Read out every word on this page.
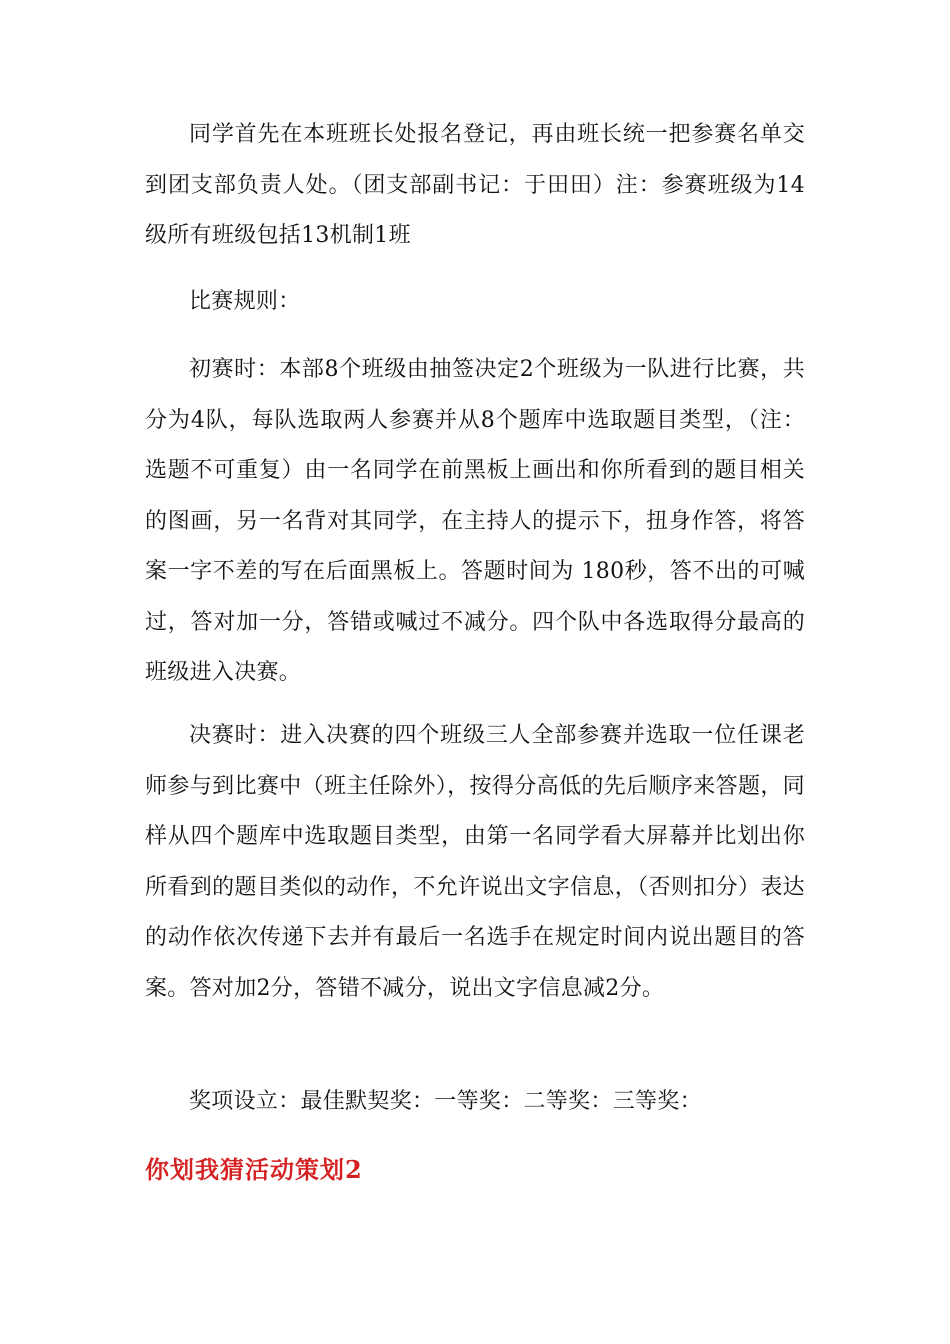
同学首先在本班班长处报名登记，再由班长统一把参赛名单交到团支部负责人处。（团支部副书记：于田田）注：参赛班级为14级所有班级包括13机制1班

比赛规则：

初赛时：本部8个班级由抽签决定2个班级为一队进行比赛，共分为4队，每队选取两人参赛并从8个题库中选取题目类型，（注：选题不可重复）由一名同学在前黑板上画出和你所看到的题目相关的图画，另一名背对其同学，在主持人的提示下，扭身作答，将答案一字不差的写在后面黑板上。答题时间为 180秒，答不出的可喊过，答对加一分，答错或喊过不减分。四个队中各选取得分最高的班级进入决赛。

决赛时：进入决赛的四个班级三人全部参赛并选取一位任课老师参与到比赛中（班主任除外），按得分高低的先后顺序来答题，同样从四个题库中选取题目类型，由第一名同学看大屏幕并比划出你所看到的题目类似的动作，不允许说出文字信息，（否则扣分）表达的动作依次传递下去并有最后一名选手在规定时间内说出题目的答案。答对加2分，答错不减分，说出文字信息减2分。

奖项设立：最佳默契奖：一等奖：二等奖：三等奖：

你划我猜活动策划2
